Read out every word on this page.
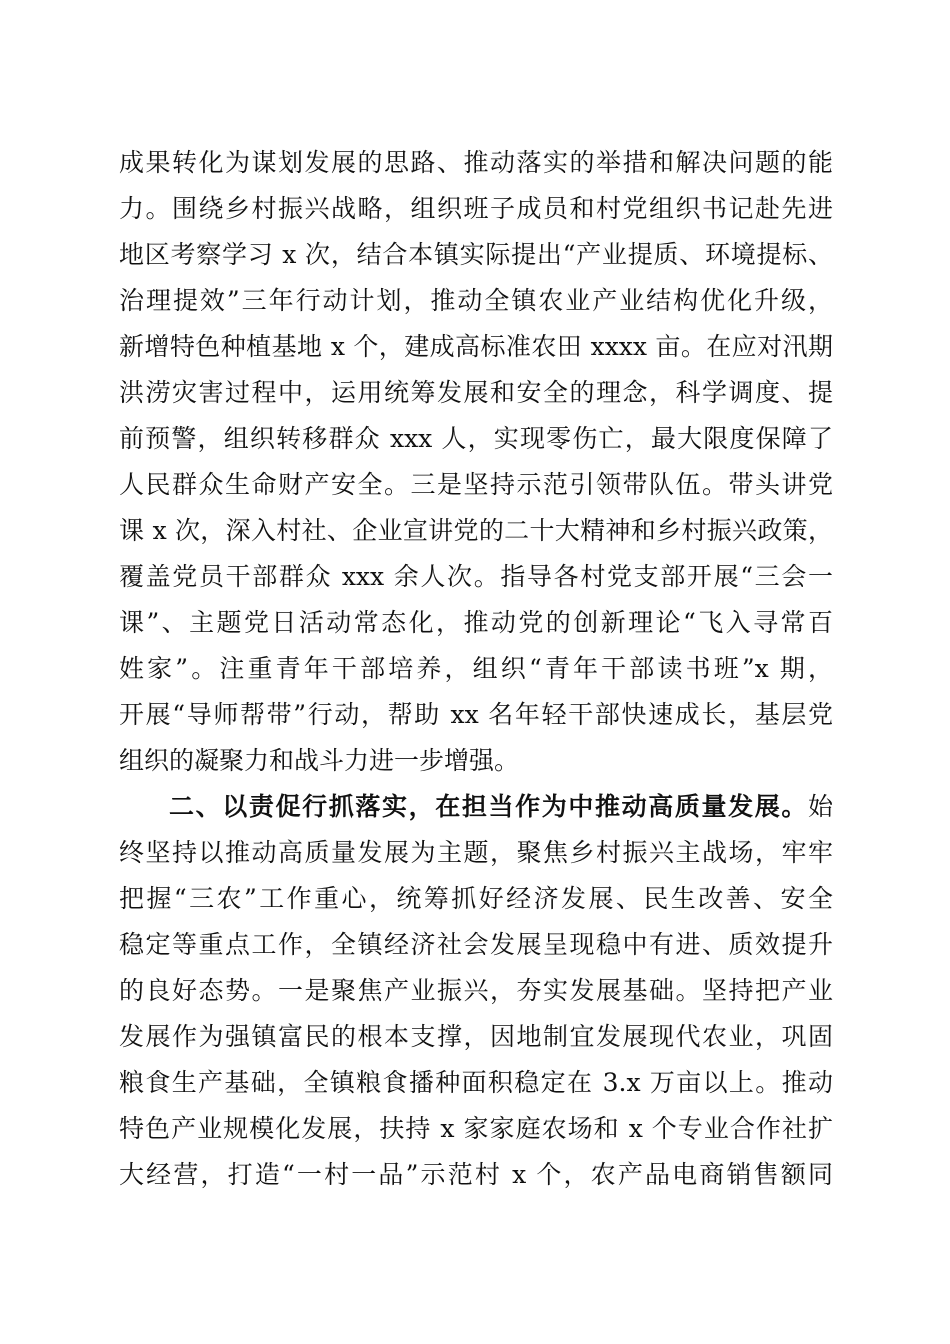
成果转化为谋划发展的思路、推动落实的举措和解决问题的能
力。围绕乡村振兴战略，组织班子成员和村党组织书记赴先进
地区考察学习 x 次，结合本镇实际提出“产业提质、环境提标、
治理提效”三年行动计划，推动全镇农业产业结构优化升级，
新增特色种植基地 x 个，建成高标准农田 xxxx 亩。在应对汛期
洪涝灾害过程中，运用统筹发展和安全的理念，科学调度、提
前预警，组织转移群众 xxx 人，实现零伤亡，最大限度保障了
人民群众生命财产安全。三是坚持示范引领带队伍。带头讲党
课 x 次，深入村社、企业宣讲党的二十大精神和乡村振兴政策，
覆盖党员干部群众 xxx 余人次。指导各村党支部开展“三会一
课”、主题党日活动常态化，推动党的创新理论“飞入寻常百
姓家”。注重青年干部培养，组织“青年干部读书班”x 期，
开展“导师帮带”行动，帮助 xx 名年轻干部快速成长，基层党
组织的凝聚力和战斗力进一步增强。
二、以责促行抓落实，在担当作为中推动高质量发展。始
终坚持以推动高质量发展为主题，聚焦乡村振兴主战场，牢牢
把握“三农”工作重心，统筹抓好经济发展、民生改善、安全
稳定等重点工作，全镇经济社会发展呈现稳中有进、质效提升
的良好态势。一是聚焦产业振兴，夯实发展基础。坚持把产业
发展作为强镇富民的根本支撑，因地制宜发展现代农业，巩固
粮食生产基础，全镇粮食播种面积稳定在 3.x 万亩以上。推动
特色产业规模化发展，扶持 x 家家庭农场和 x 个专业合作社扩
大经营，打造“一村一品”示范村 x 个，农产品电商销售额同
